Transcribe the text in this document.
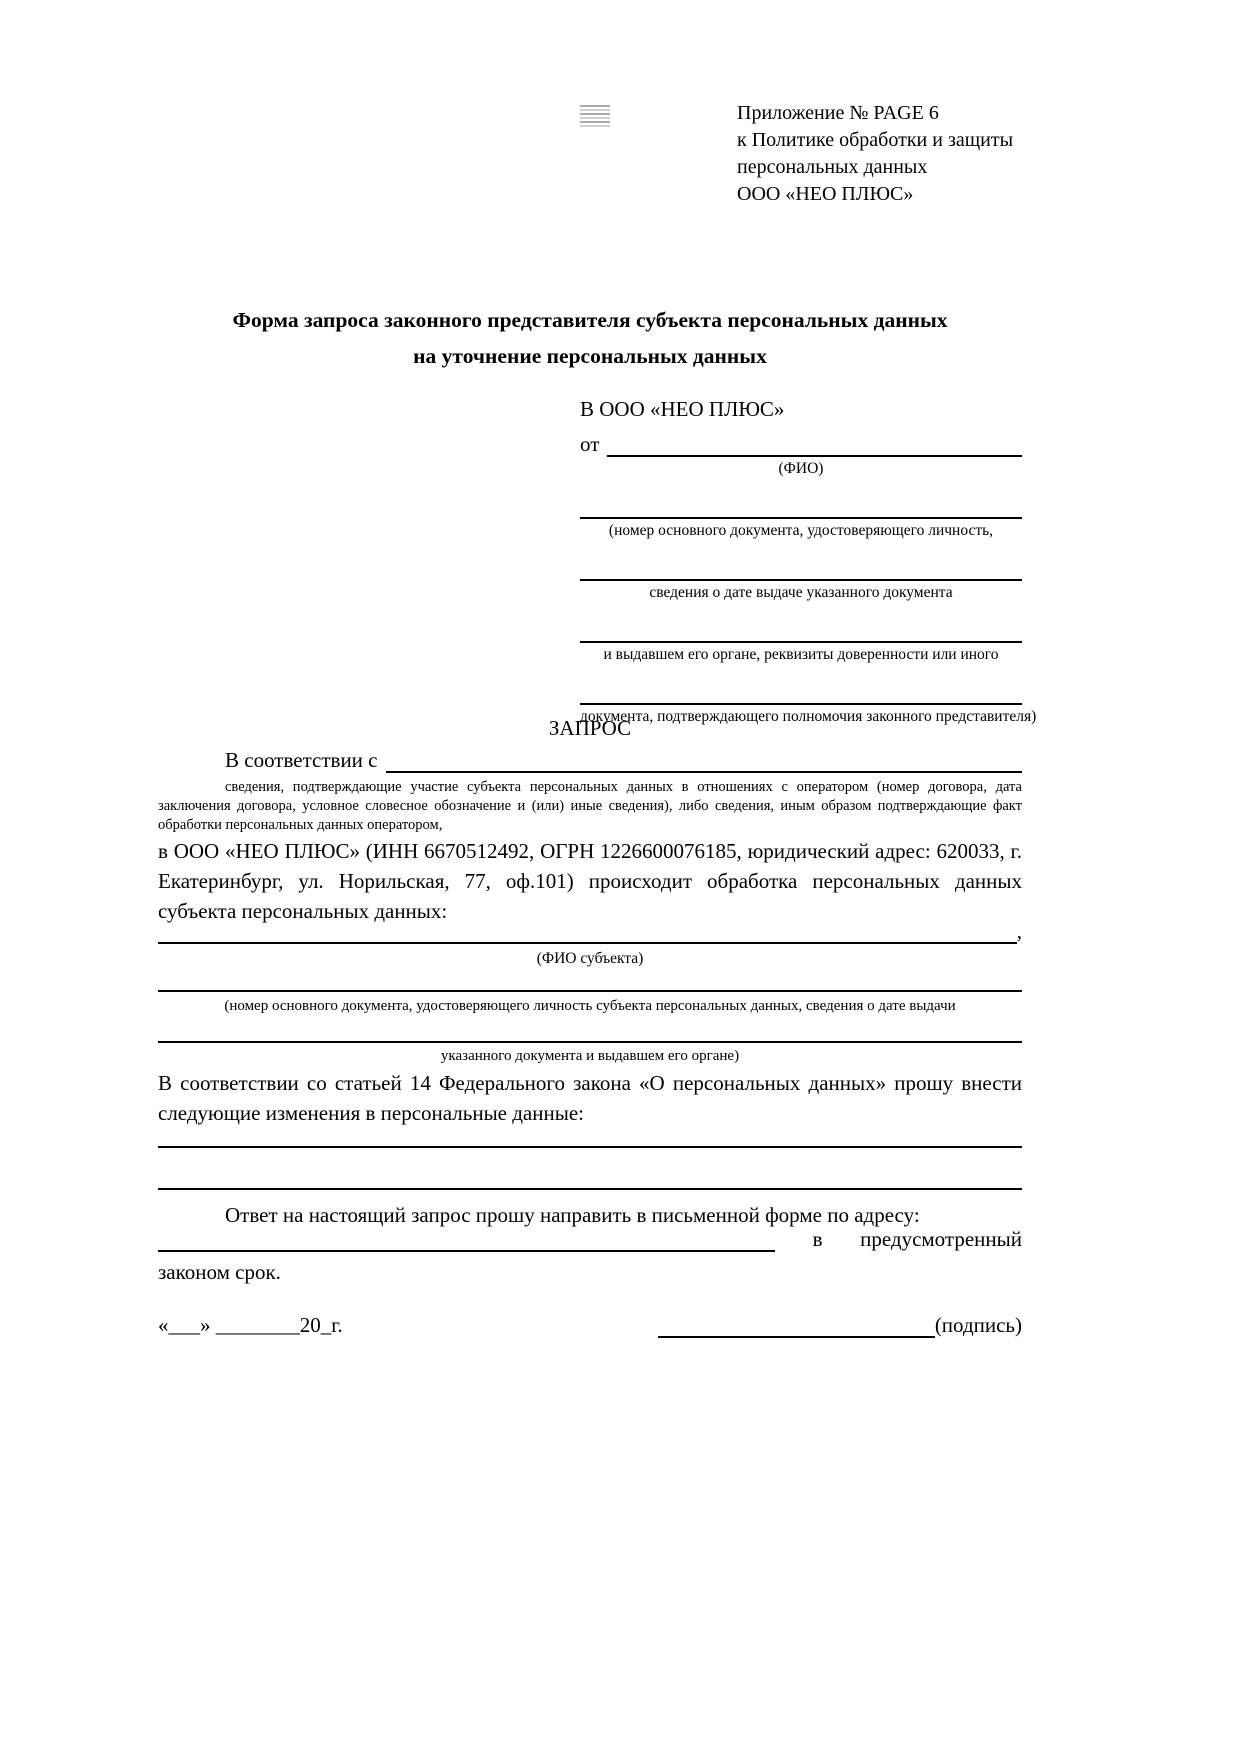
Приложение № PAGE 6
к Политике обработки и защиты
персональных данных
ООО «НЕО ПЛЮС»
Форма запроса законного представителя субъекта персональных данных
на уточнение персональных данных
В ООО «НЕО ПЛЮС»
от
(ФИО)
(номер основного документа, удостоверяющего личность,
сведения о дате выдаче указанного документа
и выдавшем его органе, реквизиты доверенности или иного
документа, подтверждающего полномочия законного представителя)
ЗАПРОС
В соответствии с
сведения, подтверждающие участие субъекта персональных данных в отношениях с оператором (номер договора, дата заключения договора, условное словесное обозначение и (или) иные сведения), либо сведения, иным образом подтверждающие факт обработки персональных данных оператором,
в ООО «НЕО ПЛЮС» (ИНН 6670512492, ОГРН 1226600076185, юридический адрес: 620033, г. Екатеринбург, ул. Норильская, 77, оф.101) происходит обработка персональных данных субъекта персональных данных:
,
(ФИО субъекта)
(номер основного документа, удостоверяющего личность субъекта персональных данных, сведения о дате выдачи
указанного документа и выдавшем его органе)
В соответствии со статьей 14 Федерального закона «О персональных данных» прошу внести следующие изменения в персональные данные:
Ответ на настоящий запрос прошу направить в письменной форме по адресу:
в предусмотренный
законом срок.
«___» ________20_г.	(подпись)
